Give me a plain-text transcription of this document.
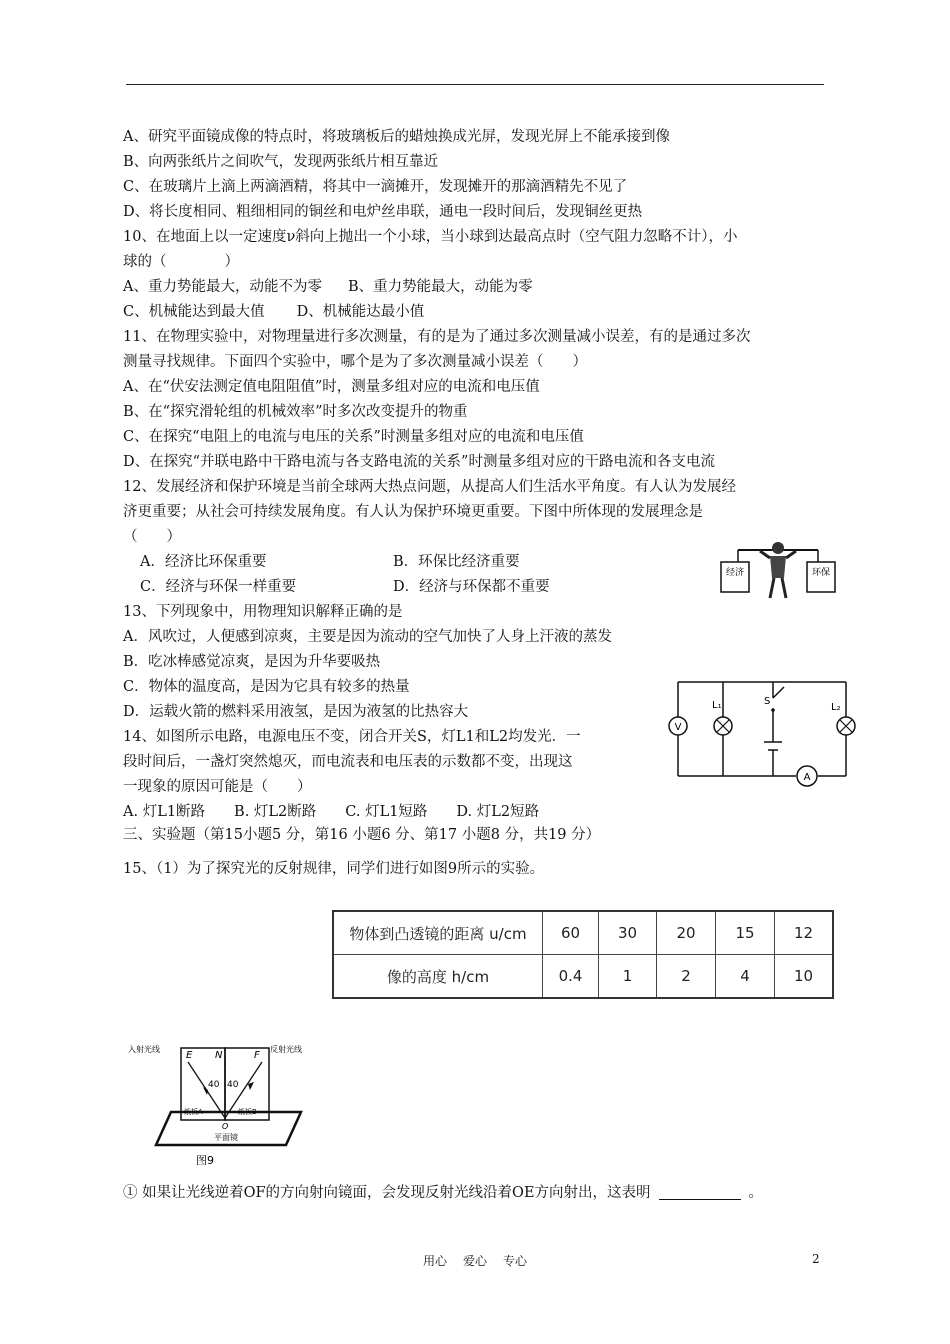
A、研究平面镜成像的特点时，将玻璃板后的蜡烛换成光屏，发现光屏上不能承接到像
B、向两张纸片之间吹气，发现两张纸片相互靠近
C、在玻璃片上滴上两滴酒精，将其中一滴摊开，发现摊开的那滴酒精先不见了
D、将长度相同、粗细相同的铜丝和电炉丝串联，通电一段时间后，发现铜丝更热
10、在地面上以一定速度ν斜向上抛出一个小球，当小球到达最高点时（空气阻力忽略不计），小
球的（　　　　）
A、重力势能最大，动能不为零 B、重力势能最大，动能为零
C、机械能达到最大值 D、机械能达最小值
11、在物理实验中，对物理量进行多次测量，有的是为了通过多次测量减小误差，有的是通过多次
测量寻找规律。下面四个实验中，哪个是为了多次测量减小误差（　　）
A、在“伏安法测定值电阻阻值”时，测量多组对应的电流和电压值
B、在“探究滑轮组的机械效率”时多次改变提升的物重
C、在探究“电阻上的电流与电压的关系”时测量多组对应的电流和电压值
D、在探究“并联电路中干路电流与各支路电流的关系”时测量多组对应的干路电流和各支电流
12、发展经济和保护环境是当前全球两大热点问题，从提高人们生活水平角度。有人认为发展经
济更重要；从社会可持续发展角度。有人认为保护环境更重要。下图中所体现的发展理念是
（　　）
A．经济比环保重要	B．环保比经济重要
C．经济与环保一样重要	D．经济与环保都不重要
经济	环保
13、下列现象中，用物理知识解释正确的是
A．风吹过，人便感到凉爽，主要是因为流动的空气加快了人身上汗液的蒸发
B．吃冰棒感觉凉爽，是因为升华要吸热
C．物体的温度高，是因为它具有较多的热量
D．运载火箭的燃料采用液氢，是因为液氢的比热容大
14、如图所示电路，电源电压不变，闭合开关S，灯L1和L2均发光．一
段时间后，一盏灯突然熄灭，而电流表和电压表的示数都不变，出现这
一现象的原因可能是（　　）
A. 灯L1断路　　B. 灯L2断路　　C. 灯L1短路　　D. 灯L2短路
V
L₁	L₂
S
A
三、实验题（第15小题5 分，第16 小题6 分、第17 小题8 分，共19 分）
15、（1）为了探究光的反射规律，同学们进行如图9所示的实验。
物体到凸透镜的距离 u/cm	60	30	20	15	12
像的高度 h/cm	0.4	1	2	4	10
入射光线	反射光线
E N	F
40 40
纸板A	纸板B
O
平面镜
图9
① 如果让光线逆着OF的方向射向镜面，会发现反射光线沿着OE方向射出，这表明	。
用心 爱心 专心	2
